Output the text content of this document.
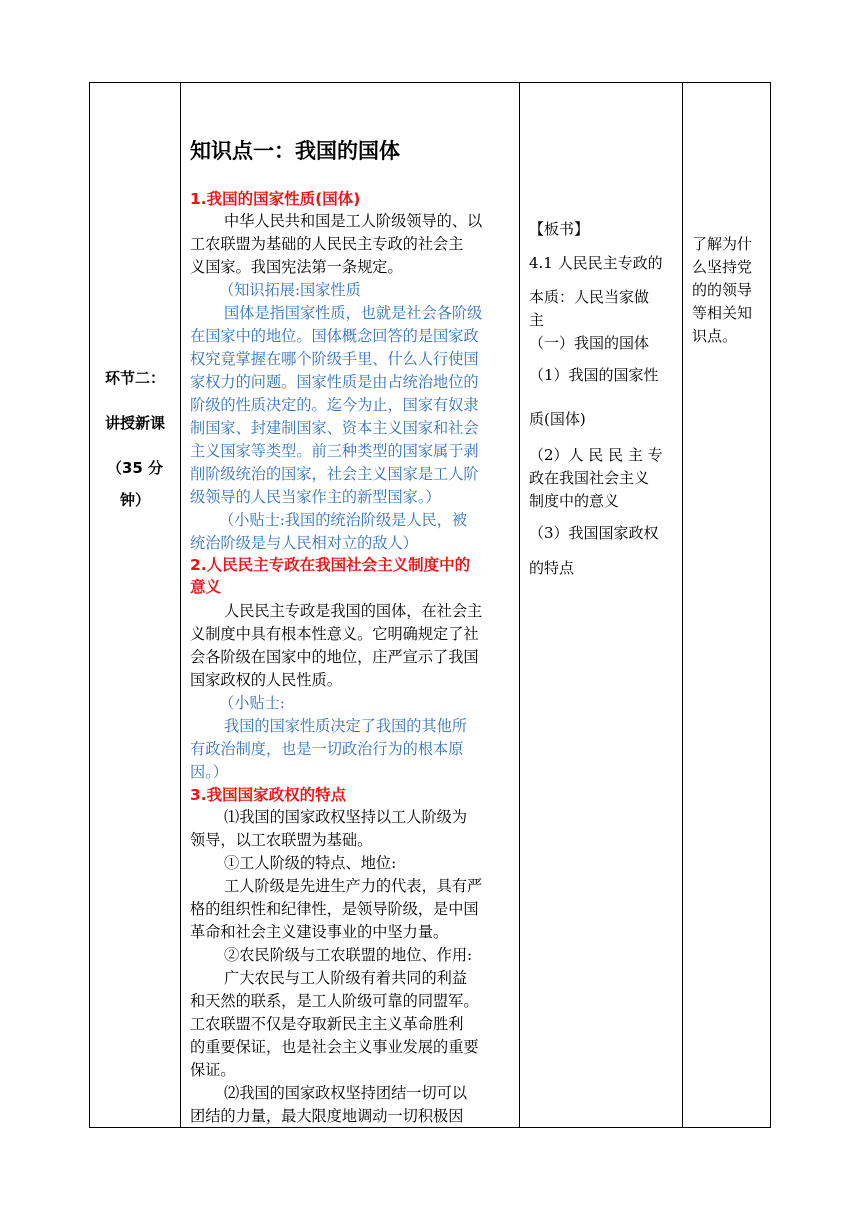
环节二：
讲授新课
（35 分
钟）
知识点一：我国的国体
1.我国的国家性质(国体)
中华人民共和国是工人阶级领导的、以
工农联盟为基础的人民民主专政的社会主
义国家。我国宪法第一条规定。
（知识拓展:国家性质
国体是指国家性质，也就是社会各阶级
在国家中的地位。国体概念回答的是国家政
权究竟掌握在哪个阶级手里、什么人行使国
家权力的问题。国家性质是由占统治地位的
阶级的性质决定的。迄今为止，国家有奴隶
制国家、封建制国家、资本主义国家和社会
主义国家等类型。前三种类型的国家属于剥
削阶级统治的国家，社会主义国家是工人阶
级领导的人民当家作主的新型国家。）
（小贴士:我国的统治阶级是人民，被
统治阶级是与人民相对立的敌人）
2.人民民主专政在我国社会主义制度中的
意义
人民民主专政是我国的国体，在社会主
义制度中具有根本性意义。它明确规定了社
会各阶级在国家中的地位，庄严宣示了我国
国家政权的人民性质。
（小贴士:
我国的国家性质决定了我国的其他所
有政治制度，也是一切政治行为的根本原
因。）
3.我国国家政权的特点
⑴我国的国家政权坚持以工人阶级为
领导，以工农联盟为基础。
①工人阶级的特点、地位:
工人阶级是先进生产力的代表，具有严
格的组织性和纪律性，是领导阶级，是中国
革命和社会主义建设事业的中坚力量。
②农民阶级与工农联盟的地位、作用:
广大农民与工人阶级有着共同的利益
和天然的联系，是工人阶级可靠的同盟军。
工农联盟不仅是夺取新民主主义革命胜利
的重要保证，也是社会主义事业发展的重要
保证。
⑵我国的国家政权坚持团结一切可以
团结的力量，最大限度地调动一切积极因
【板书】
4.1 人民民主专政的
本质：人民当家做
主
（一）我国的国体
（1）我国的国家性
质(国体)
（2）人 民 民 主 专
政在我国社会主义
制度中的意义
（3）我国国家政权
的特点
了解为什
么坚持党
的的领导
等相关知
识点。
